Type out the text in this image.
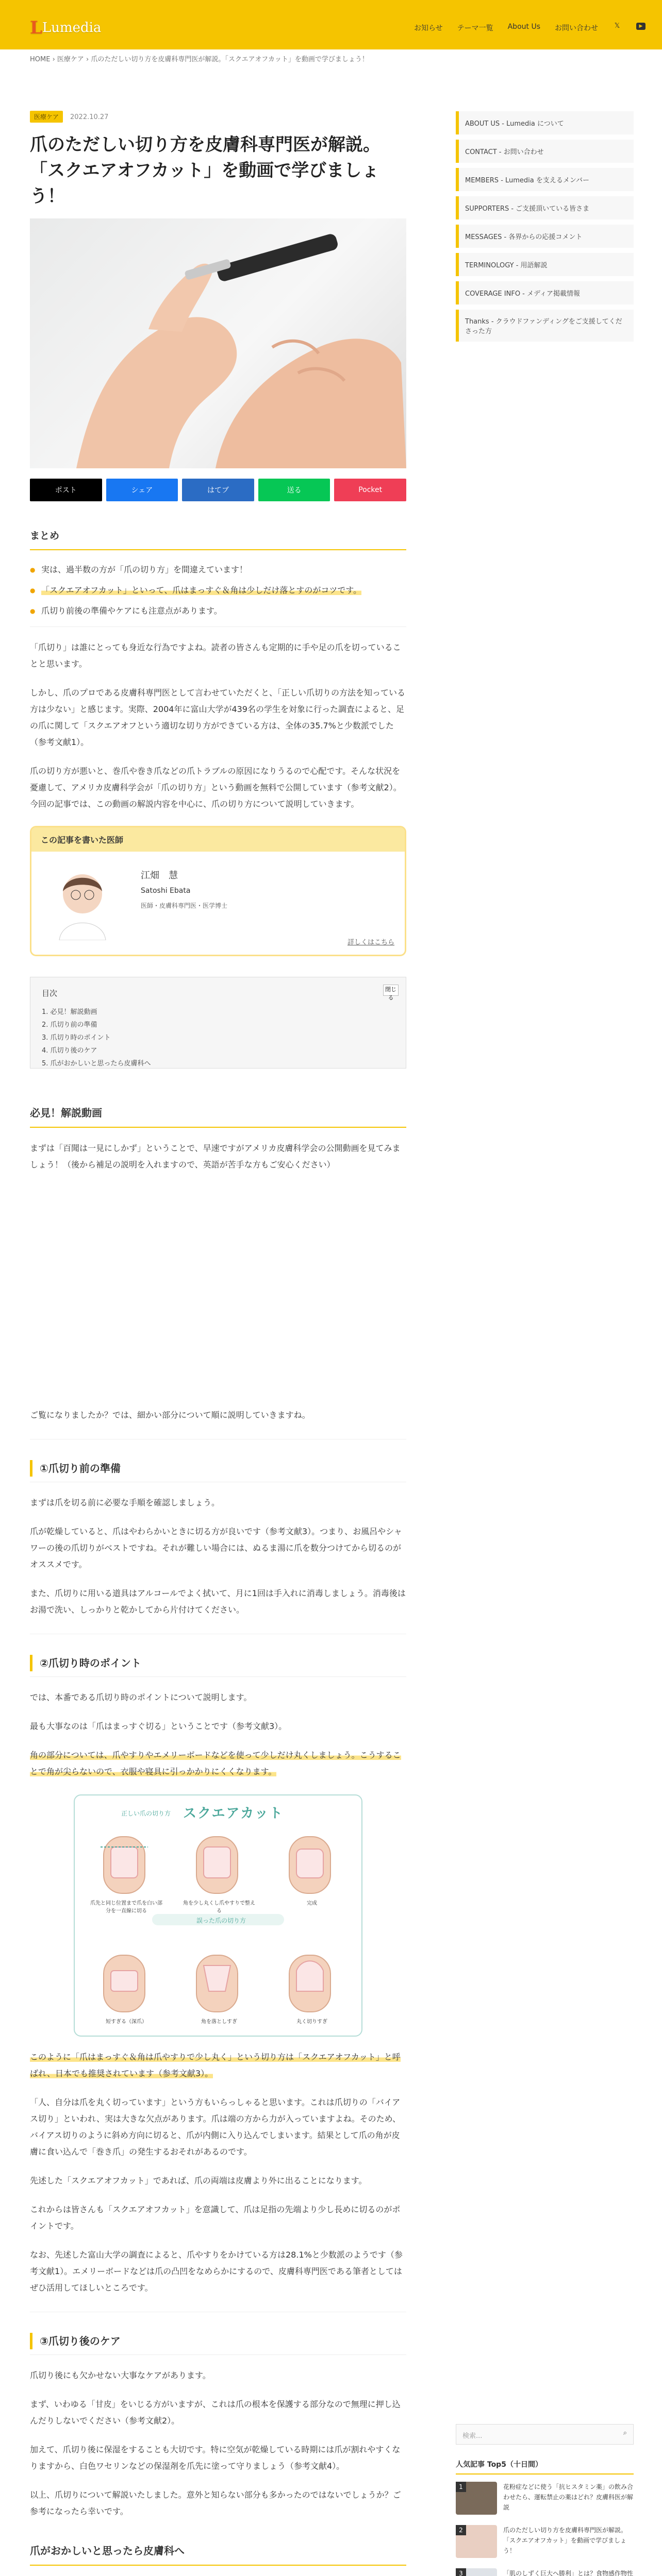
LLumedia	お知らせ テーマ一覧 About Us お問い合わせ 𝕏	▶
HOME › 医療ケア › 爪のただしい切り方を皮膚科専門医が解説。「スクエアオフカット」を動画で学びましょう！
医療ケア 2022.10.27
爪のただしい切り方を皮膚科専門医が解説。「スクエアオフカット」を動画で学びましょう！
ポスト	シェア	はてブ	送る	Pocket
まとめ
● 実は、過半数の方が「爪の切り方」を間違えています！
● 「スクエアオフカット」といって、爪はまっすぐ＆角は少しだけ落とすのがコツです。
● 爪切り前後の準備やケアにも注意点があります。

「爪切り」は誰にとっても身近な行為ですよね。読者の皆さんも定期的に手や足の爪を切っていることと思います。

しかし、爪のプロである皮膚科専門医として言わせていただくと、「正しい爪切りの方法を知っている方は少ない」と感じます。実際、2004年に富山大学が439名の学生を対象に行った調査によると、足の爪に関して「スクエアオフという適切な切り方ができている方は、全体の35.7%と少数派でした（参考文献1）。

爪の切り方が悪いと、巻爪や巻き爪などの爪トラブルの原因になりうるので心配です。そんな状況を憂慮して、アメリカ皮膚科学会が「爪の切り方」という動画を無料で公開しています（参考文献2）。今回の記事では、この動画の解説内容を中心に、爪の切り方について説明していきます。

この記事を書いた医師
江畑　慧
Satoshi Ebata
医師・皮膚科専門医・医学博士
詳しくはこちら
目次	閉じる
1. 必見！解説動画
2. 爪切り前の準備
3. 爪切り時のポイント
4. 爪切り後のケア
5. 爪がおかしいと思ったら皮膚科へ
必見！解説動画

まずは「百聞は一見にしかず」ということで、早速ですがアメリカ皮膚科学会の公開動画を見てみましょう！（後から補足の説明を入れますので、英語が苦手な方もご安心ください）

ご覧になりましたか？では、細かい部分について順に説明していきますね。

①爪切り前の準備

まずは爪を切る前に必要な手順を確認しましょう。

爪が乾燥していると、爪はやわらかいときに切る方が良いです（参考文献3）。つまり、お風呂やシャワーの後の爪切りがベストですね。それが難しい場合には、ぬるま湯に爪を数分つけてから切るのがオススメです。

また、爪切りに用いる道具はアルコールでよく拭いて、月に1回は手入れに消毒しましょう。消毒後はお湯で洗い、しっかりと乾かしてから片付けてください。

②爪切り時のポイント

では、本番である爪切り時のポイントについて説明します。

最も大事なのは「爪はまっすぐ切る」ということです（参考文献3）。

角の部分については、爪やすりやエメリーボードなどを使って少しだけ丸くしましょう。こうすることで角が尖らないので、衣服や寝具に引っかかりにくくなります。

正しい爪の切り方 スクエアカット
誤った爪の切り方
爪先と同じ位置まで爪を白い部分を一直線に切る
角を少し丸くし爪やすりで整える
完成
短すぎる（深爪）	角を落としすぎ	丸く切りすぎ

このように「爪はまっすぐ＆角は爪やすりで少し丸く」という切り方は「スクエアオフカット」と呼ばれ、日本でも推奨されています（参考文献3）。

「人、自分は爪を丸く切っています」という方もいらっしゃると思います。これは爪切りの「バイアス切り」といわれ、実は大きな欠点があります。爪は端の方から力が入っていますよね。そのため、バイアス切りのように斜め方向に切ると、爪が内側に入り込んでしまいます。結果として爪の角が皮膚に食い込んで「巻き爪」の発生するおそれがあるのです。

先述した「スクエアオフカット」であれば、爪の両端は皮膚より外に出ることになります。

これからは皆さんも「スクエアオフカット」を意識して、爪は足指の先端より少し長めに切るのがポイントです。

なお、先述した富山大学の調査によると、爪やすりをかけている方は28.1%と少数派のようです（参考文献1）。エメリーボードなどは爪の凸凹をなめらかにするので、皮膚科専門医である筆者としてはぜひ活用してほしいところです。

③爪切り後のケア

爪切り後にも欠かせない大事なケアがあります。

まず、いわゆる「甘皮」をいじる方がいますが、これは爪の根本を保護する部分なので無理に押し込んだりしないでください（参考文献2）。

加えて、爪切り後に保湿をすることも大切です。特に空気が乾燥している時期には爪が割れやすくなりますから、白色ワセリンなどの保湿剤を爪先に塗って守りましょう（参考文献4）。

以上、爪切りについて解説いたしました。意外と知らない部分も多かったのではないでしょうか？ご参考になったら幸いです。

爪がおかしいと思ったら皮膚科へ
ABOUT US - Lumedia について
CONTACT - お問い合わせ
MEMBERS - Lumedia を支えるメンバー
SUPPORTERS - ご支援頂いている皆さま
MESSAGES - 各界からの応援コメント
TERMINOLOGY - 用語解説
COVERAGE INFO - メディア掲載情報
Thanks - クラウドファンディングをご支援してくださった方
検索...	⌕
人気記事 Top5（十日間）
1	花粉症などに使う「抗ヒスタミン薬」の飲み合わせたら、運転禁止の薬はどれ？皮膚科医が解説
2	爪のただしい切り方を皮膚科専門医が解説。「スクエアオフカット」を動画で学びましょう！
3	「肌のしずく巨大ヘ勝利」とは？食物感作物性
